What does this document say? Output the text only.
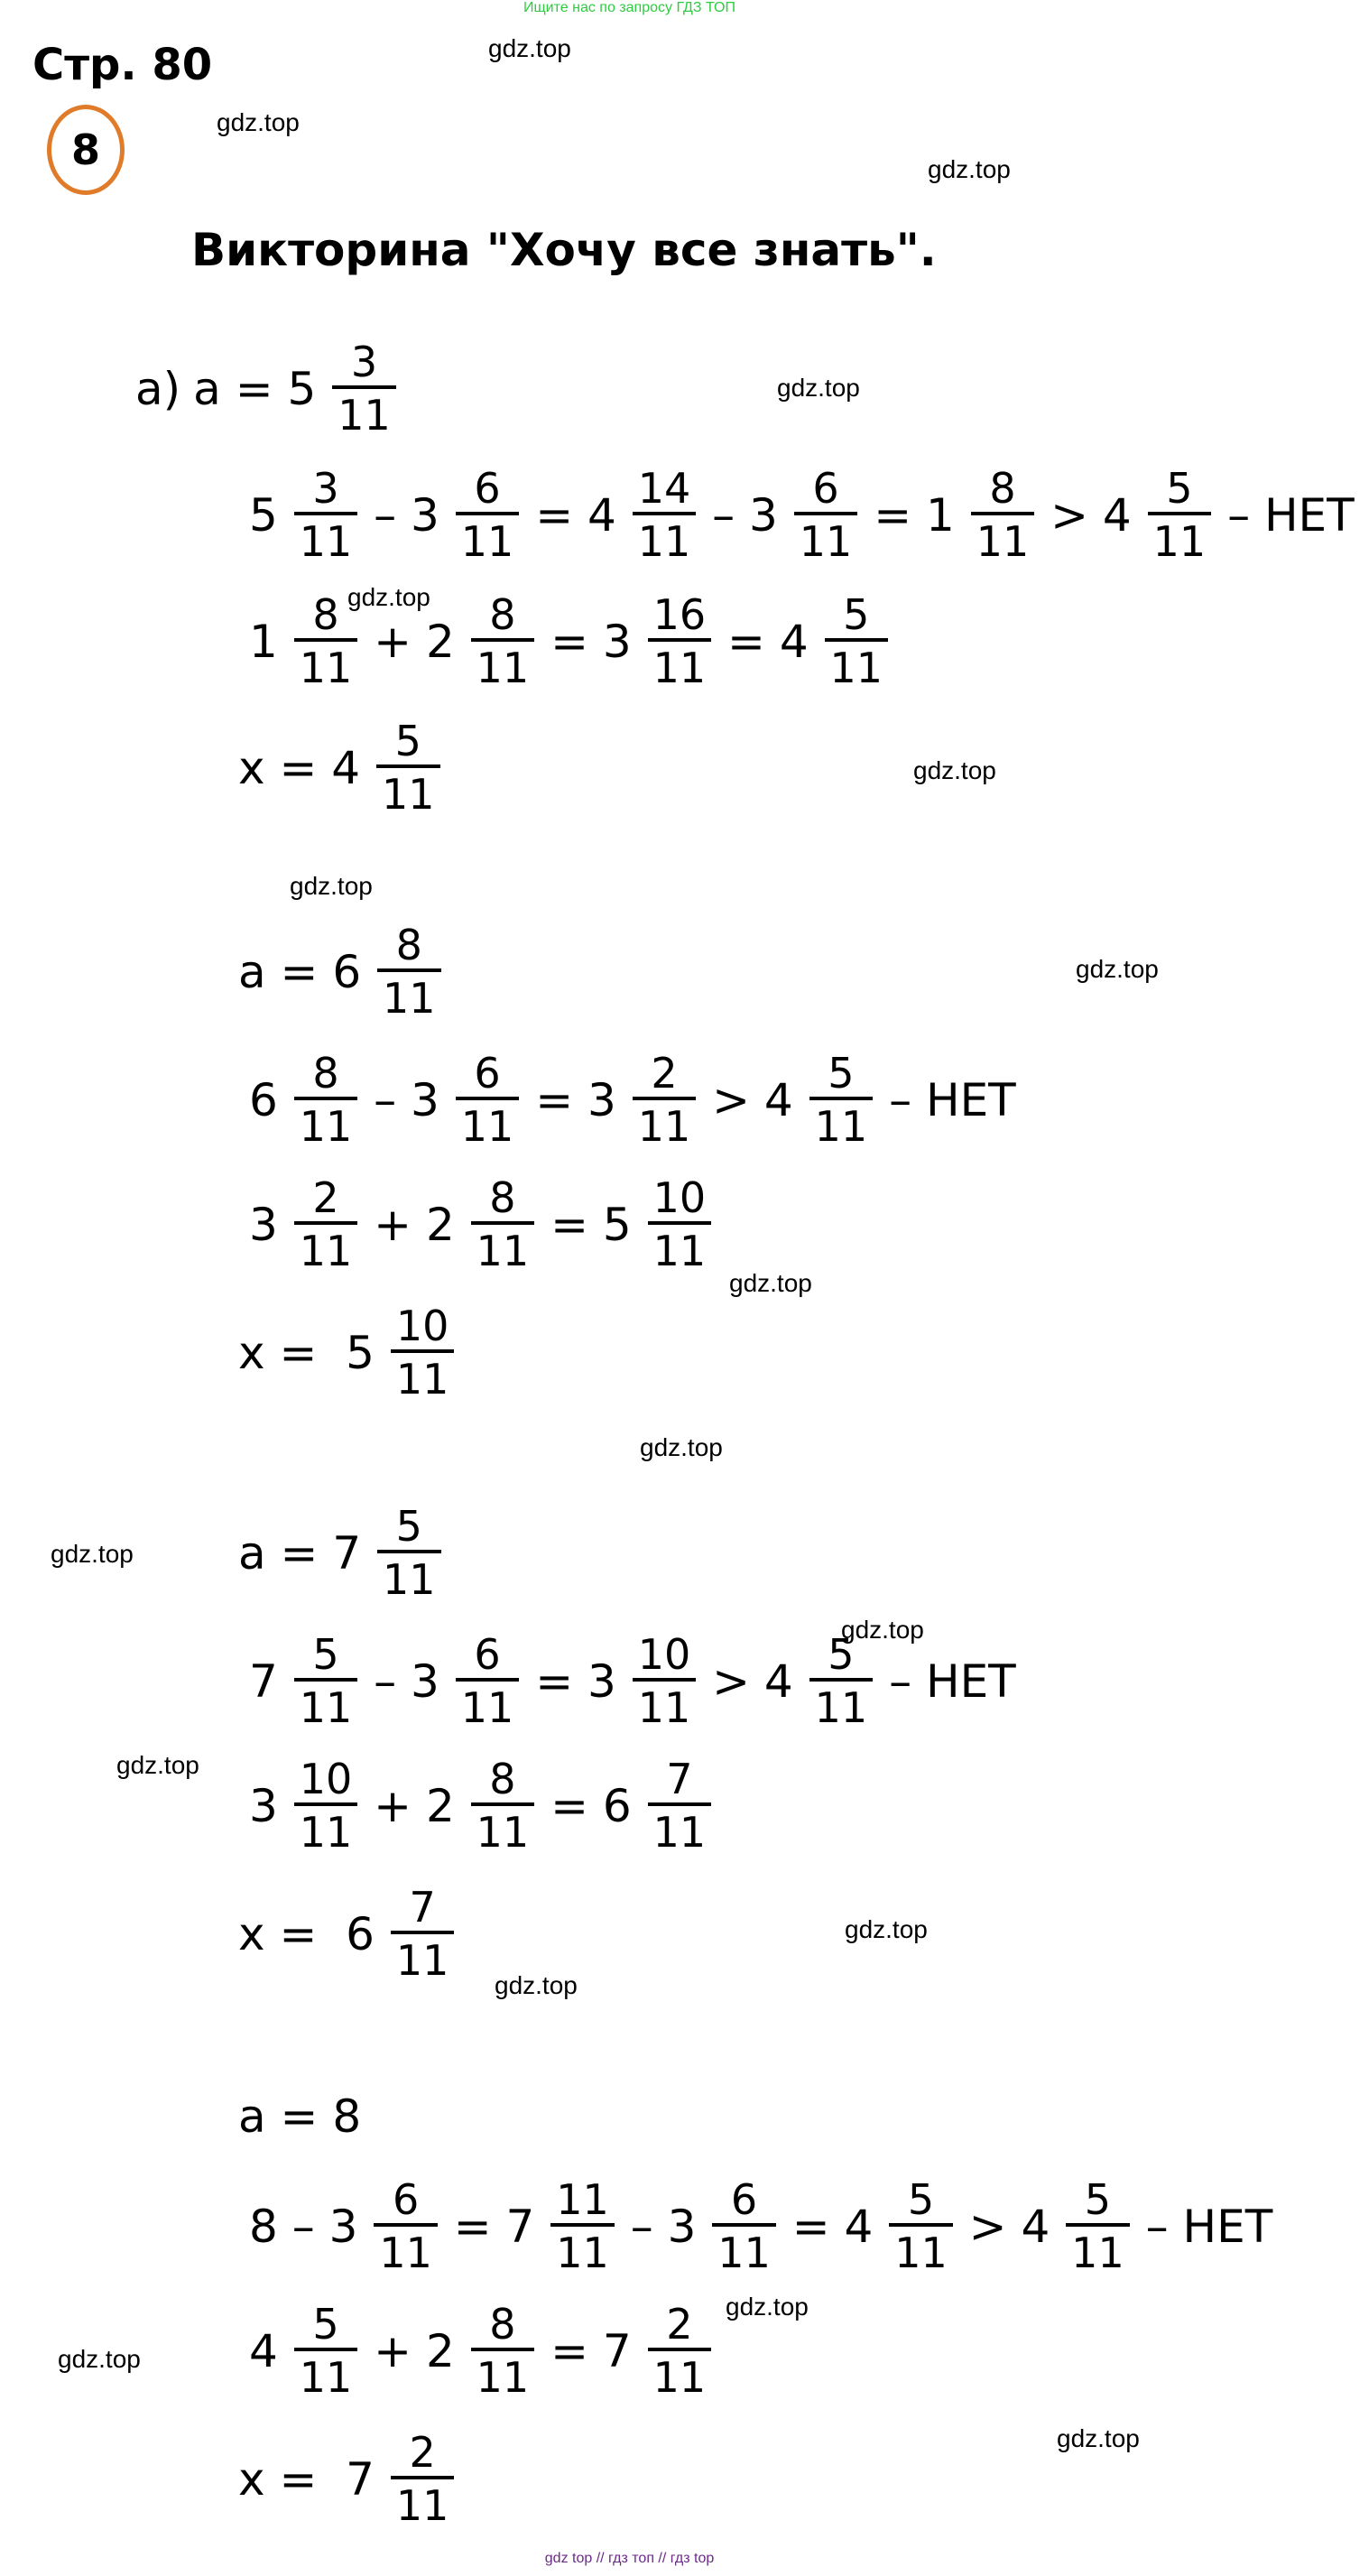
Ищите нас по запросу ГДЗ ТОП
Стр. 80
8
Викторина "Хочу все знать".
gdz.top
gdz.top
gdz.top
gdz.top
gdz.top
gdz.top
gdz.top
gdz.top
gdz.top
gdz.top
gdz.top
gdz.top
gdz.top
gdz.top
gdz.top
gdz.top
gdz.top
gdz.top
а) $a = 5 \frac{3}{11}$
$5 \frac{3}{11} - 3 \frac{6}{11} = 4 \frac{14}{11} - 3 \frac{6}{11} = 1 \frac{8}{11} > 4 \frac{5}{11}$ – НЕТ
$1 \frac{8}{11} + 2 \frac{8}{11} = 3 \frac{16}{11} = 4 \frac{5}{11}$
$x = 4 \frac{5}{11}$
$a = 6 \frac{8}{11}$
$6 \frac{8}{11} - 3 \frac{6}{11} = 3 \frac{2}{11} > 4 \frac{5}{11}$ – НЕТ
$3 \frac{2}{11} + 2 \frac{8}{11} = 5 \frac{10}{11}$
$x = 5 \frac{10}{11}$
$a = 7 \frac{5}{11}$
$7 \frac{5}{11} - 3 \frac{6}{11} = 3 \frac{10}{11} > 4 \frac{5}{11}$ – НЕТ
$3 \frac{10}{11} + 2 \frac{8}{11} = 6 \frac{7}{11}$
$x = 6 \frac{7}{11}$
a = 8
$8 - 3 \frac{6}{11} = 7 \frac{11}{11} - 3 \frac{6}{11} = 4 \frac{5}{11} > 4 \frac{5}{11}$ – НЕТ
$4 \frac{5}{11} + 2 \frac{8}{11} = 7 \frac{2}{11}$
$x = 7 \frac{2}{11}$
gdz top // гдз топ // гдз top
